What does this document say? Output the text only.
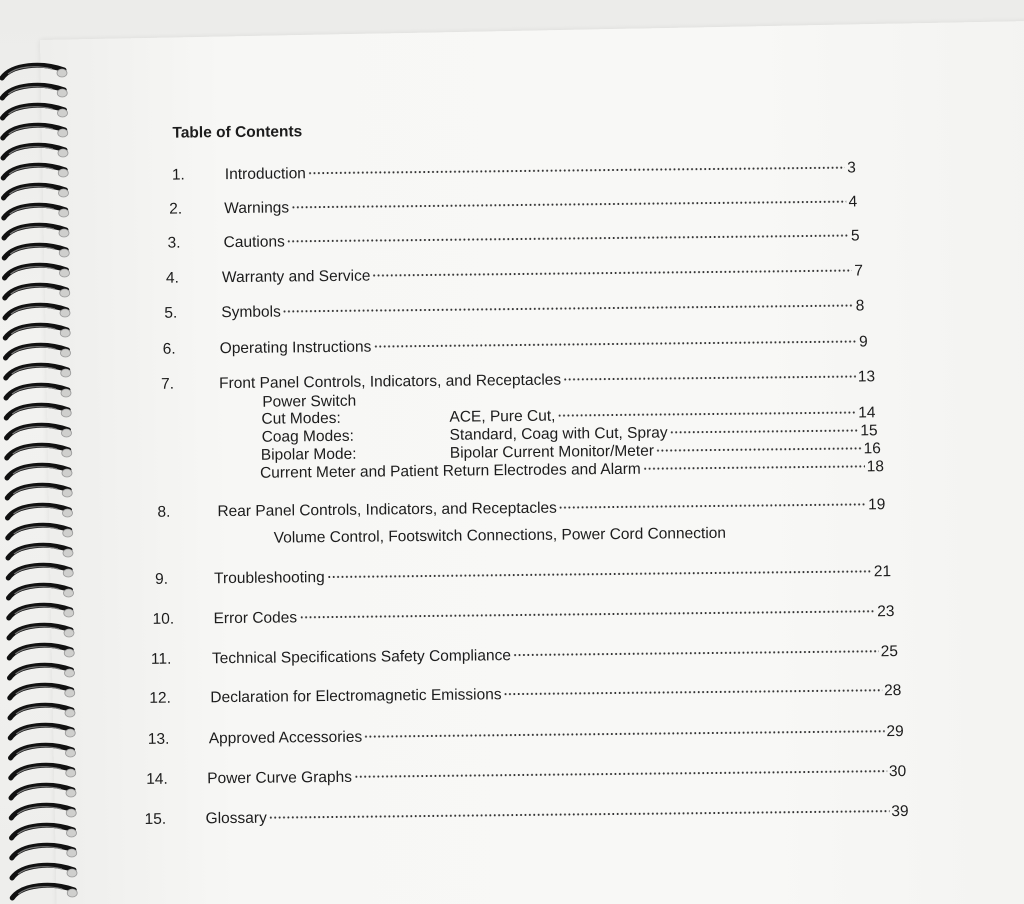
Table of Contents
1.	Introduction	3
2.	Warnings	4
3.	Cautions	5
4.	Warranty and Service	7
5.	Symbols	8
6.	Operating Instructions	9
7.	Front Panel Controls, Indicators, and Receptacles	13
Power Switch
Cut Modes:	ACE, Pure Cut,	14
Coag Modes:	Standard, Coag with Cut, Spray	15
Bipolar Mode:	Bipolar Current Monitor/Meter	16
Current Meter and Patient Return Electrodes and Alarm	18
8.	Rear Panel Controls, Indicators, and Receptacles	19
Volume Control, Footswitch Connections, Power Cord Connection
9.	Troubleshooting	21
10.	Error Codes	23
11.	Technical Specifications Safety Compliance	25
12.	Declaration for Electromagnetic Emissions	28
13.	Approved Accessories	29
14.	Power Curve Graphs	30
15.	Glossary	39
